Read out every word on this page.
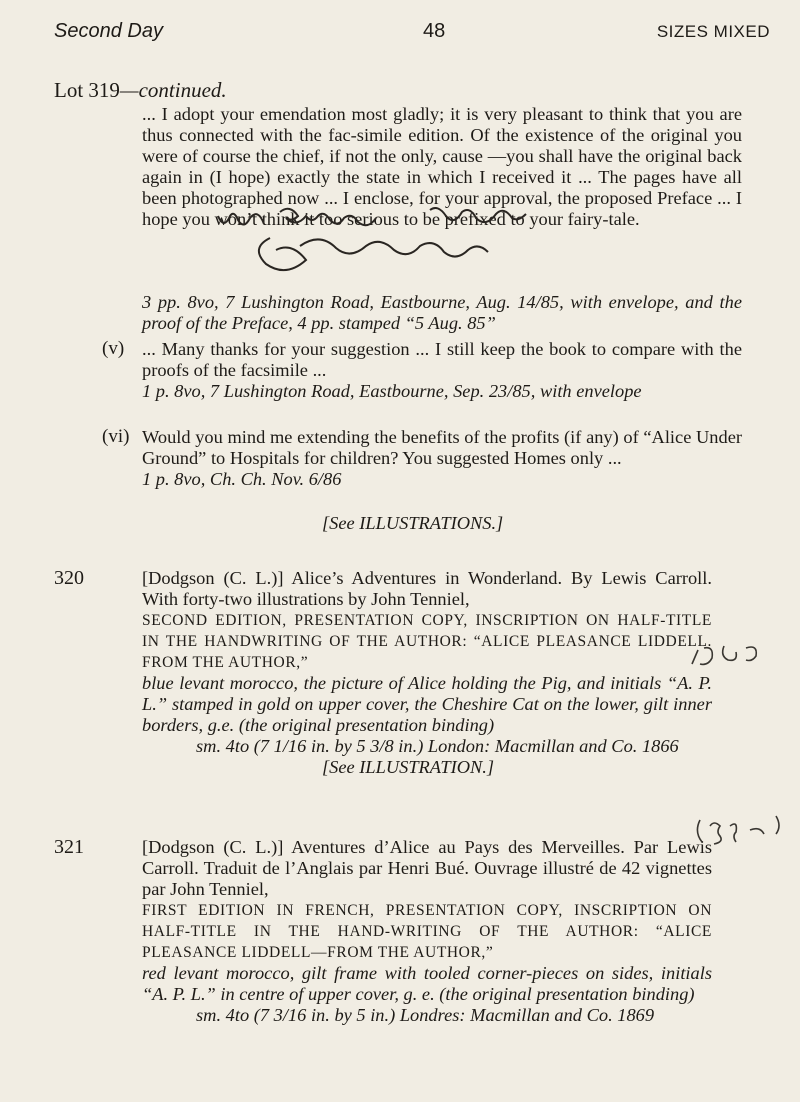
Second Day	48	SIZES MIXED
Lot 319—continued.

... I adopt your emendation most gladly; it is very pleasant to think that you are thus connected with the fac-simile edition. Of the existence of the original you were of course the chief, if not the only, cause —you shall have the original back again in (I hope) exactly the state in which I received it ... The pages have all been photographed now ... I enclose, for your approval, the proposed Preface ... I hope you won’t think it too serious to be prefixed to your fairy-tale.

3 pp. 8vo, 7 Lushington Road, Eastbourne, Aug. 14/85, with envelope, and the proof of the Preface, 4 pp. stamped “5 Aug. 85”

(v) ... Many thanks for your suggestion ... I still keep the book to compare with the proofs of the facsimile ...

1 p. 8vo, 7 Lushington Road, Eastbourne, Sep. 23/85, with envelope

(vi) Would you mind me extending the benefits of the profits (if any) of “Alice Under Ground” to Hospitals for children? You suggested Homes only ...

1 p. 8vo, Ch. Ch. Nov. 6/86

[See ILLUSTRATIONS.]
320	[Dodgson (C. L.)] Alice’s Adventures in Wonderland. By Lewis Carroll. With forty-two illustrations by John Tenniel,

SECOND EDITION, PRESENTATION COPY, INSCRIPTION ON HALF-TITLE IN THE HANDWRITING OF THE AUTHOR: “ALICE PLEASANCE LIDDELL. FROM THE AUTHOR,”

blue levant morocco, the picture of Alice holding the Pig, and initials “A. P. L.” stamped in gold on upper cover, the Cheshire Cat on the lower, gilt inner borders, g.e. (the original presentation binding)

sm. 4to (7 1/16 in. by 5 3/8 in.) London: Macmillan and Co. 1866

[See ILLUSTRATION.]

321	[Dodgson (C. L.)] Aventures d’Alice au Pays des Merveilles. Par Lewis Carroll. Traduit de l’Anglais par Henri Bué. Ouvrage illustré de 42 vignettes par John Tenniel,

FIRST EDITION IN FRENCH, PRESENTATION COPY, INSCRIPTION ON HALF-TITLE IN THE HAND-WRITING OF THE AUTHOR: “ALICE PLEASANCE LIDDELL—FROM THE AUTHOR,”

red levant morocco, gilt frame with tooled corner-pieces on sides, initials “A. P. L.” in centre of upper cover, g. e. (the original presentation binding)

sm. 4to (7 3/16 in. by 5 in.) Londres: Macmillan and Co. 1869
